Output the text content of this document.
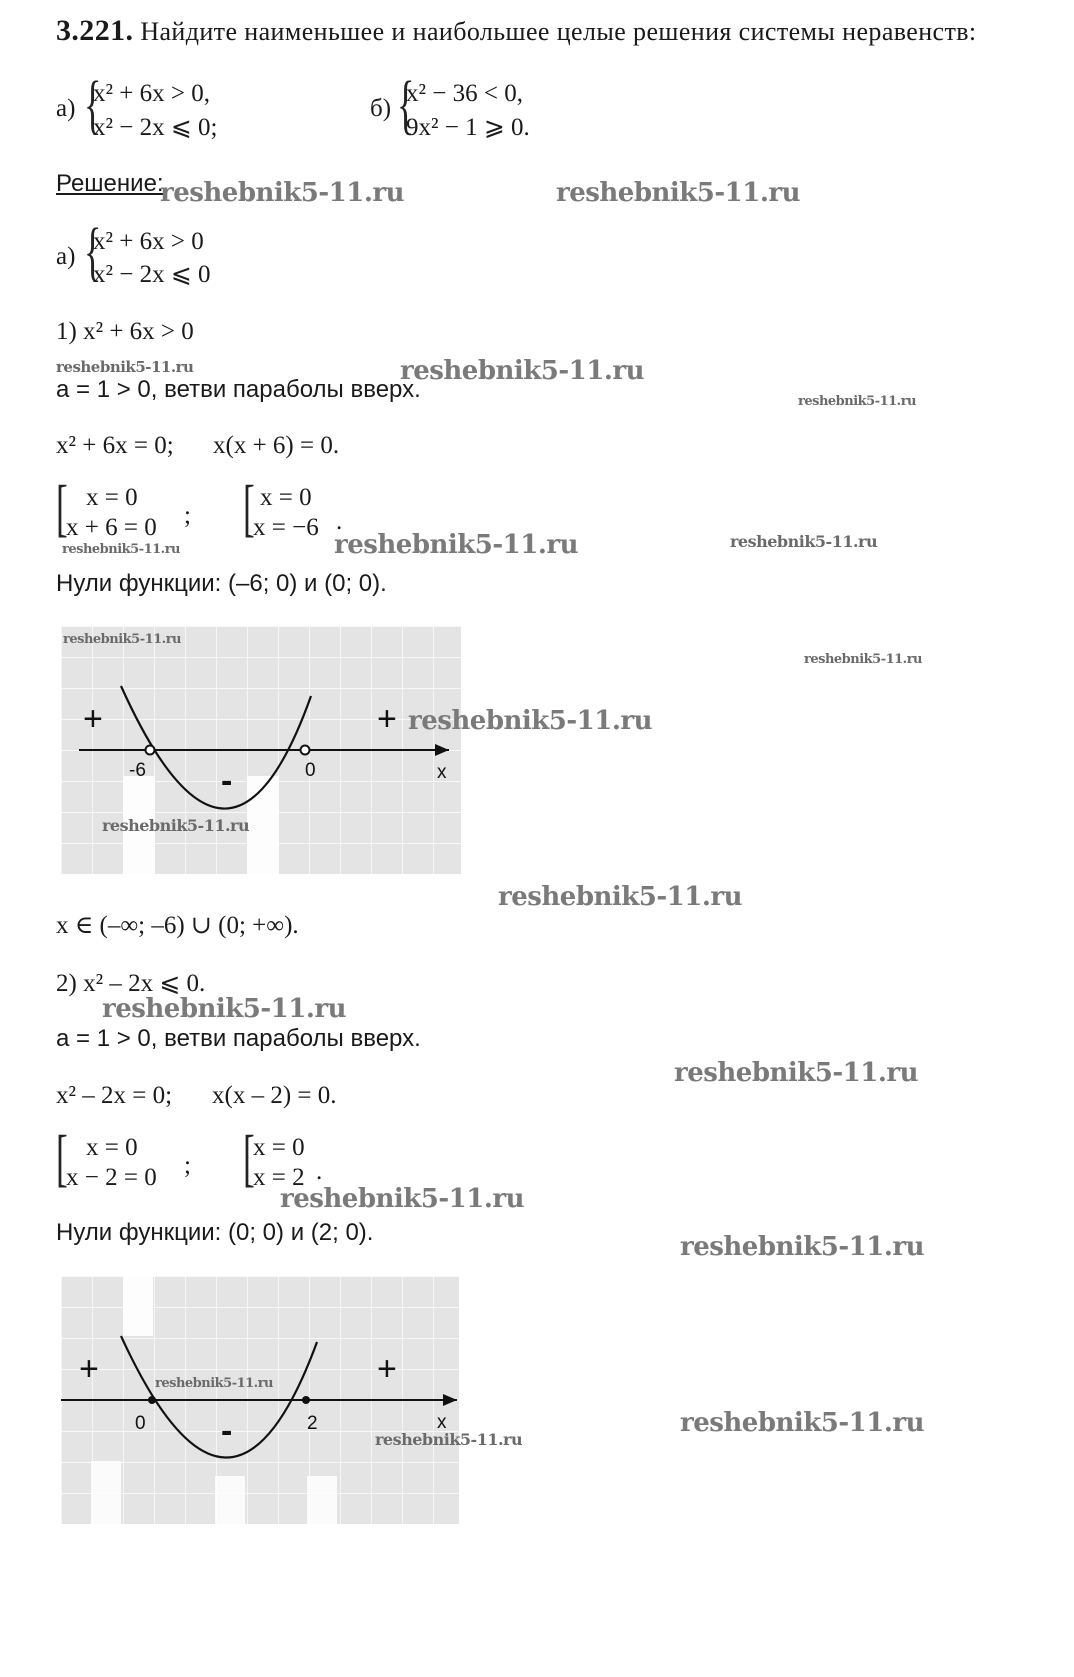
3.221. Найдите наименьшее и наибольшее целые решения системы неравенств:
а) {
x² + 6x > 0,
x² − 2x ⩽ 0;
б) {
x² − 36 < 0,
9x² − 1 ⩾ 0.
Решение:
а) {
x² + 6x > 0
x² − 2x ⩽ 0
1) x² + 6x > 0
a = 1 > 0, ветви параболы вверх.
x² + 6x = 0; x(x + 6) = 0.
[ x = 0
x + 6 = 0 ; [ x = 0
x = −6 .
Нули функции: (–6; 0) и (0; 0).
+	+
-
-6	0	x
x ∈ (–∞; –6) ∪ (0; +∞).
2) x² – 2x ⩽ 0.
a = 1 > 0, ветви параболы вверх.
x² – 2x = 0; x(x – 2) = 0.
[ x = 0
x − 2 = 0 ; [
x = 0
x = 2 .
Нули функции: (0; 0) и (2; 0).
+	+
-
0	2	x
reshebnik5-11.ru	reshebnik5-11.ru
reshebnik5-11.ru	reshebnik5-11.ru
reshebnik5-11.ru
reshebnik5-11.ru	reshebnik5-11.ru	reshebnik5-11.ru
reshebnik5-11.ru
reshebnik5-11.ru
reshebnik5-11.ru
reshebnik5-11.ru
reshebnik5-11.ru
reshebnik5-11.ru
reshebnik5-11.ru
reshebnik5-11.ru
reshebnik5-11.ru
reshebnik5-11.ru
reshebnik5-11.ru
reshebnik5-11.ru
